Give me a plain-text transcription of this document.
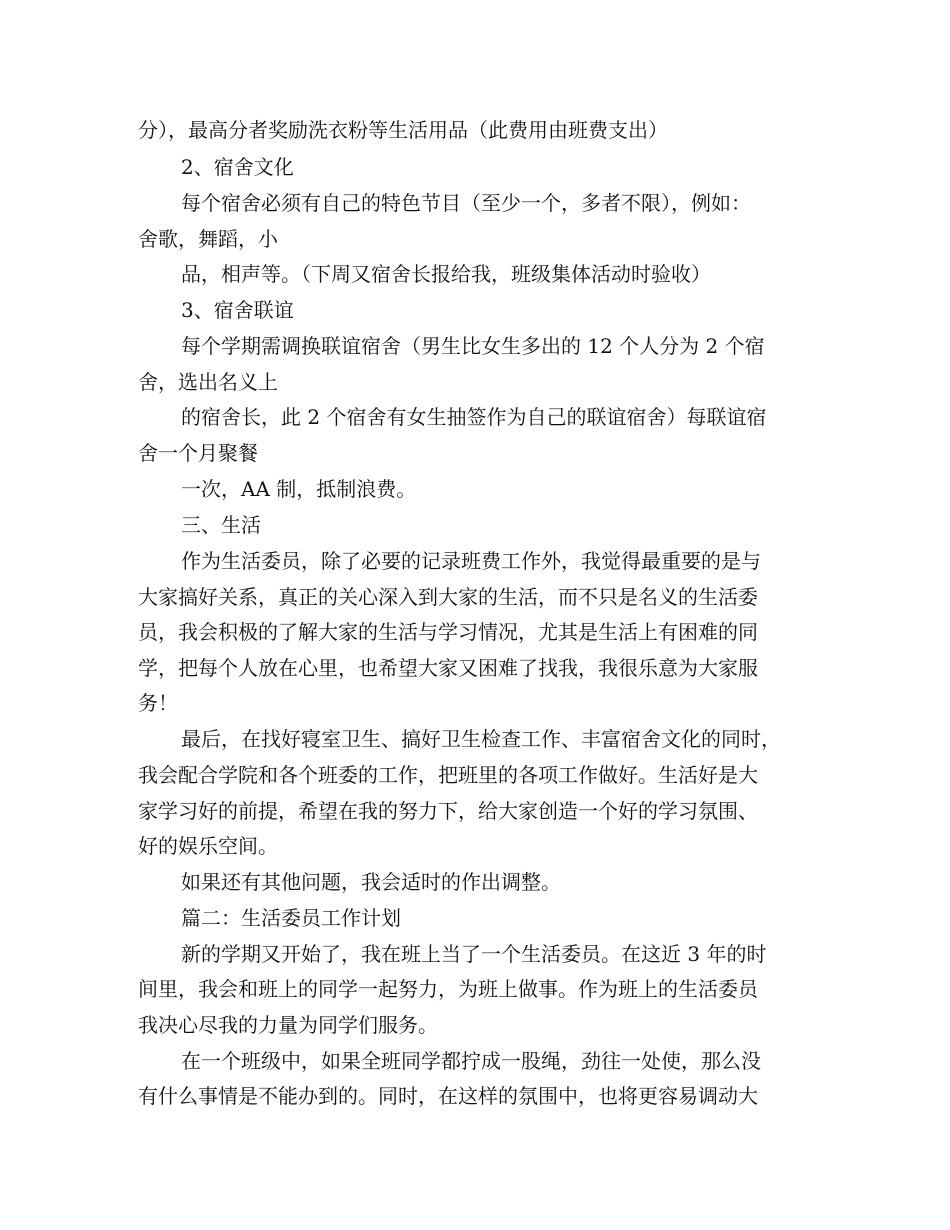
分），最高分者奖励洗衣粉等生活用品（此费用由班费支出）
2、宿舍文化
每个宿舍必须有自己的特色节目（至少一个，多者不限），例如：
舍歌，舞蹈，小
品，相声等。（下周又宿舍长报给我，班级集体活动时验收）
3、宿舍联谊
每个学期需调换联谊宿舍（男生比女生多出的 12 个人分为 2 个宿
舍，选出名义上
的宿舍长，此 2 个宿舍有女生抽签作为自己的联谊宿舍）每联谊宿
舍一个月聚餐
一次，AA 制，抵制浪费。
三、生活
作为生活委员，除了必要的记录班费工作外，我觉得最重要的是与
大家搞好关系，真正的关心深入到大家的生活，而不只是名义的生活委
员，我会积极的了解大家的生活与学习情况，尤其是生活上有困难的同
学，把每个人放在心里，也希望大家又困难了找我，我很乐意为大家服
务！
最后，在找好寝室卫生、搞好卫生检查工作、丰富宿舍文化的同时，
我会配合学院和各个班委的工作，把班里的各项工作做好。生活好是大
家学习好的前提，希望在我的努力下，给大家创造一个好的学习氛围、
好的娱乐空间。
如果还有其他问题，我会适时的作出调整。
篇二：生活委员工作计划
新的学期又开始了，我在班上当了一个生活委员。在这近 3 年的时
间里，我会和班上的同学一起努力，为班上做事。作为班上的生活委员
我决心尽我的力量为同学们服务。
在一个班级中，如果全班同学都拧成一股绳，劲往一处使，那么没
有什么事情是不能办到的。同时，在这样的氛围中，也将更容易调动大
